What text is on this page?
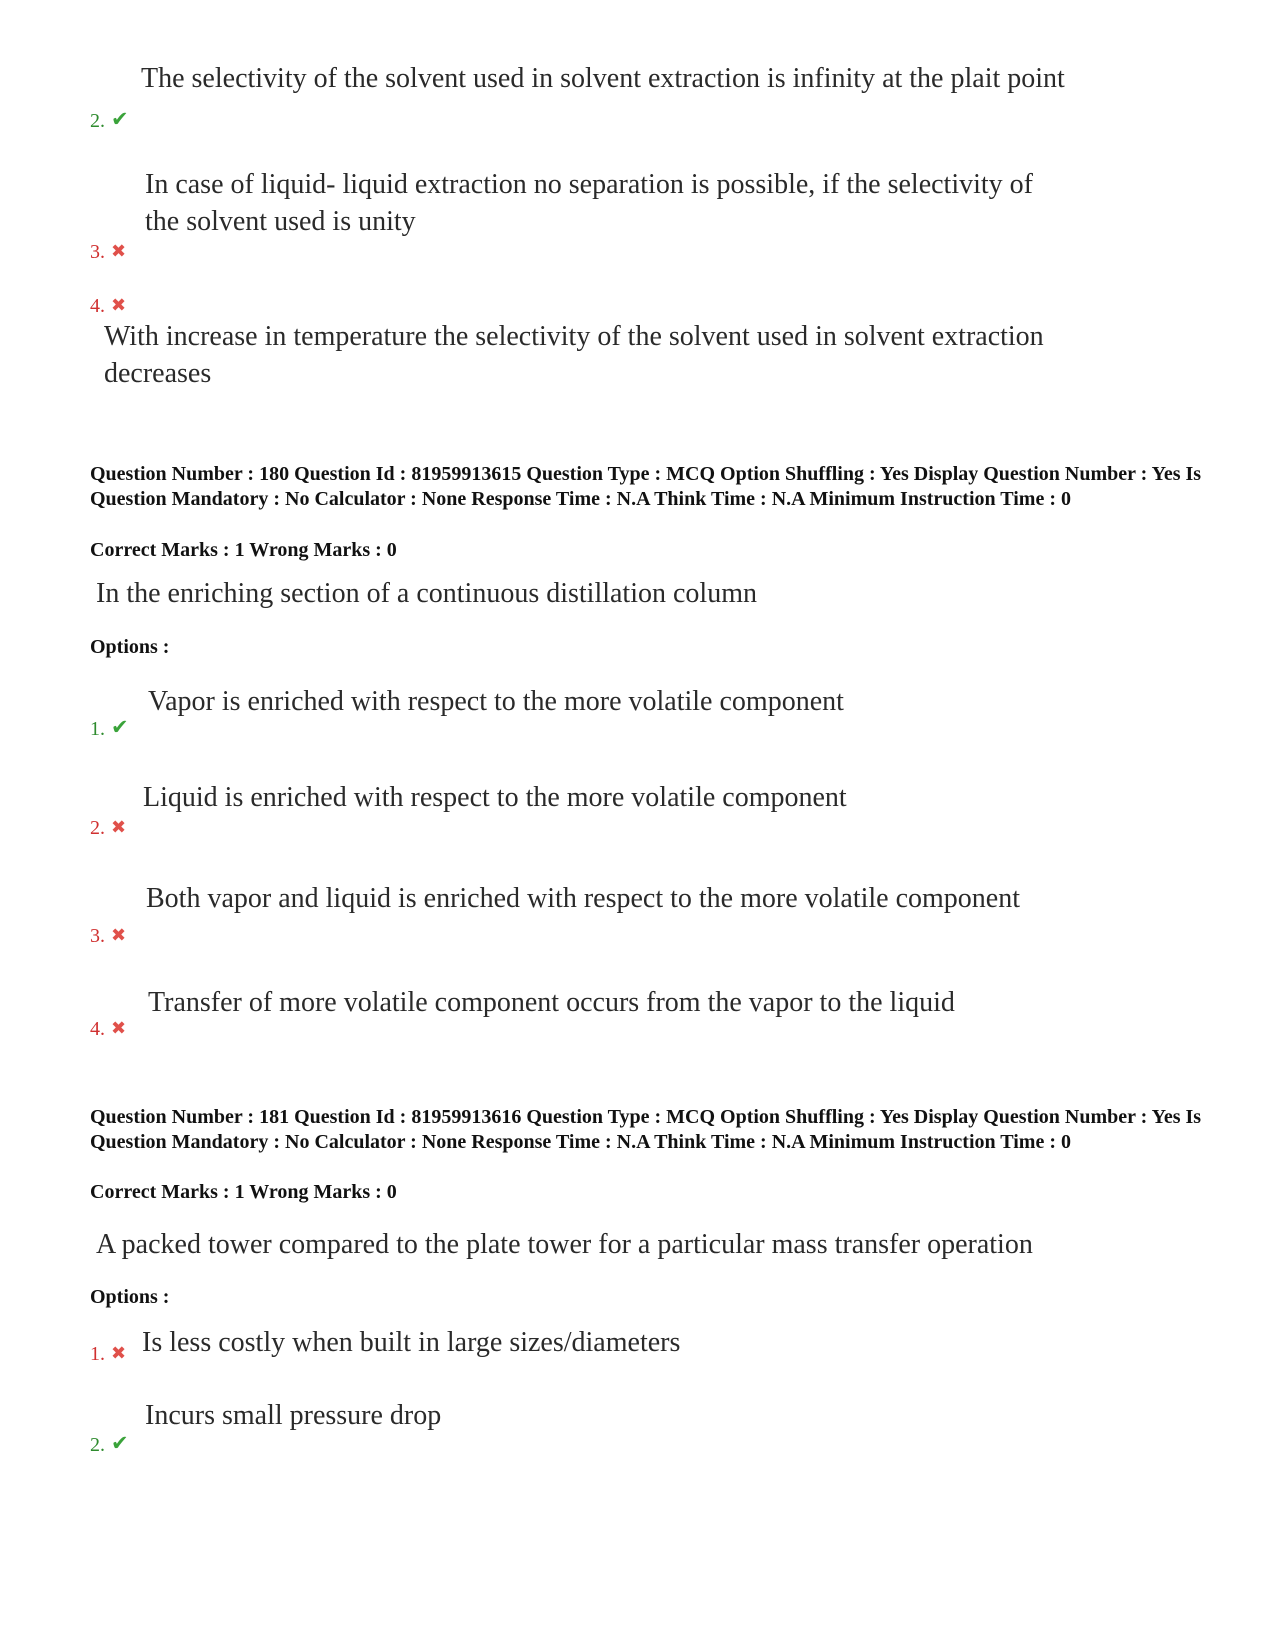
The selectivity of the solvent used in solvent extraction is infinity at the plait point
2. ✔
In case of liquid- liquid extraction no separation is possible, if the selectivity of
the solvent used is unity
3. ✖
4. ✖
With increase in temperature the selectivity of the solvent used in solvent extraction
decreases
Question Number : 180 Question Id : 81959913615 Question Type : MCQ Option Shuffling : Yes Display Question Number : Yes Is Question Mandatory : No Calculator : None Response Time : N.A Think Time : N.A Minimum Instruction Time : 0
Correct Marks : 1 Wrong Marks : 0
In the enriching section of a continuous distillation column
Options :
Vapor is enriched with respect to the more volatile component
1. ✔
Liquid is enriched with respect to the more volatile component
2. ✖
Both vapor and liquid is enriched with respect to the more volatile component
3. ✖
Transfer of more volatile component occurs from the vapor to the liquid
4. ✖
Question Number : 181 Question Id : 81959913616 Question Type : MCQ Option Shuffling : Yes Display Question Number : Yes Is Question Mandatory : No Calculator : None Response Time : N.A Think Time : N.A Minimum Instruction Time : 0
Correct Marks : 1 Wrong Marks : 0
A packed tower compared to the plate tower for a particular mass transfer operation
Options :
1. ✖ Is less costly when built in large sizes/diameters
Incurs small pressure drop
2. ✔
